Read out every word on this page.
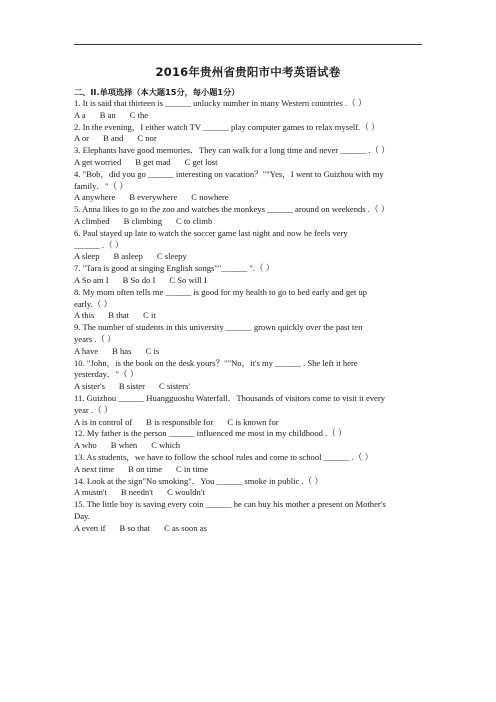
2016年贵州省贵阳市中考英语试卷
二、II.单项选择（本大题15分，每小题1分）
1. It is said that thirteen is ______ unlucky number in many Western countries .（ ）
A a B an C the
2. In the evening，I either watch TV ______ play computer games to relax myself.（ ）
A or B and C nor
3. Elephants have good memories．They can walk for a long time and never ______ .（ ）
A get worried B get mad C get lost
4. "Bob，did you go ______ interesting on vacation？""Yes，I went to Guizhou with my
family．"（ ）
A anywhere B everywhere C nowhere
5. Anna likes to go to the zoo and watches the monkeys ______ around on weekends .（ ）
A climbed B climbing C to climb
6. Paul stayed up late to watch the soccer game last night and now he feels very
______ .（ ）
A sleep B asleep C sleepy
7. "Tara is good at singing English songs""______ ".（ ）
A So am I B So do I C So will I
8. My mom often tells me ______ is good for my health to go to bed early and get up
early.（ ）
A this B that C it
9. The number of students in this university ______ grown quickly over the past ten
years .（ ）
A have B has C is
10. "John，is the book on the desk yours？""No，it's my ______ . She left it here
yesterday．"（ ）
A sister's B sister C sisters'
11. Guizhou ______ Huangguoshu Waterfall．Thousands of visitors come to visit it every
year .（ ）
A is in control of B is responsible for C is known for
12. My father is the person ______ influenced me most in my childhood .（ ）
A who B when C which
13. As students，we have to follow the school rules and come to school ______ .（ ）
A next time B on time C in time
14. Look at the sign"No smoking"．You ______ smoke in public .（ ）
A mustn't B needn't C wouldn't
15. The little boy is saving every coin ______ he can buy his mother a present on Mother's
Day.
A even if B so that C as soon as
